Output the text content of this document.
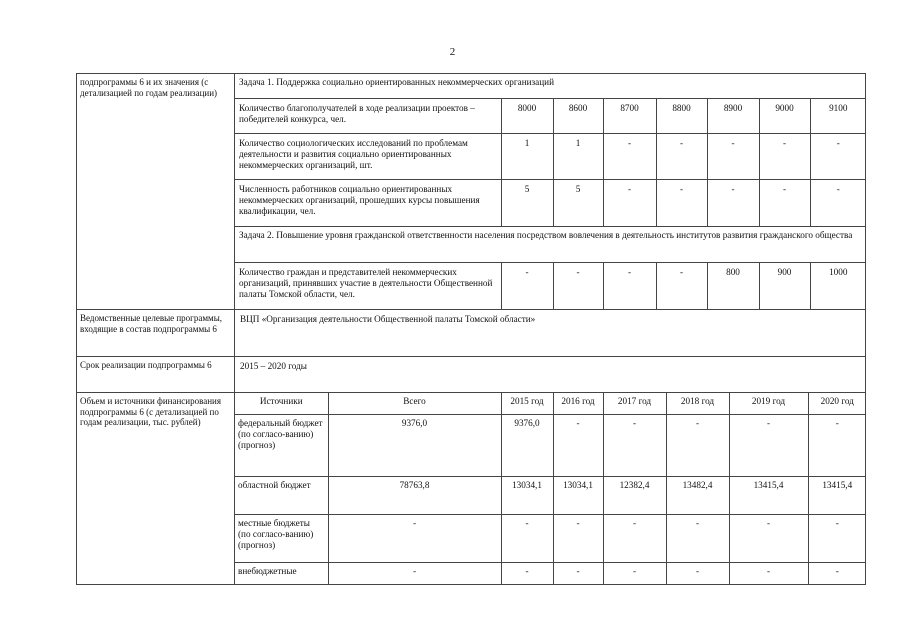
2
подпрограммы 6 и их значения (с детализацией по годам реализации)	
Задача 1. Поддержка социально ориентированных некоммерческих организаций
Количество благополучателей в ходе реализации проектов – победителей конкурса, чел.	8000	8600	8700	8800	8900	9000	9100
Количество социологических исследований по проблемам деятельности и развития социально ориентированных некоммерческих организаций, шт.	1	1	-	-	-	-	-
Численность работников социально ориентированных некоммерческих организаций, прошедших курсы повышения квалификации, чел.	5	5	-	-	-	-	-
Задача 2. Повышение уровня гражданской ответственности населения посредством вовлечения в деятельность институтов развития гражданского общества
Количество граждан и представителей некоммерческих организаций, принявших участие в деятельности Общественной палаты Томской области, чел.	-	-	-	-	800	900	1000

Ведомственные целевые программы, входящие в состав подпрограммы 6	ВЦП «Организация деятельности Общественной палаты Томской области»
Срок реализации подпрограммы 6	2015 – 2020 годы
Объем и источники финансирования подпрограммы 6 (с детализацией по годам реализации, тыс. рублей)	
Источники	Всего	2015 год	2016 год	2017 год	2018 год	2019 год	2020 год
федеральный бюджет (по согласо-ванию) (прогноз)	9376,0	9376,0	-	-	-	-	-
областной бюджет	78763,8	13034,1	13034,1	12382,4	13482,4	13415,4	13415,4
местные бюджеты (по согласо-ванию) (прогноз)	-	-	-	-	-	-	-
внебюджетные	-	-	-	-	-	-	-
